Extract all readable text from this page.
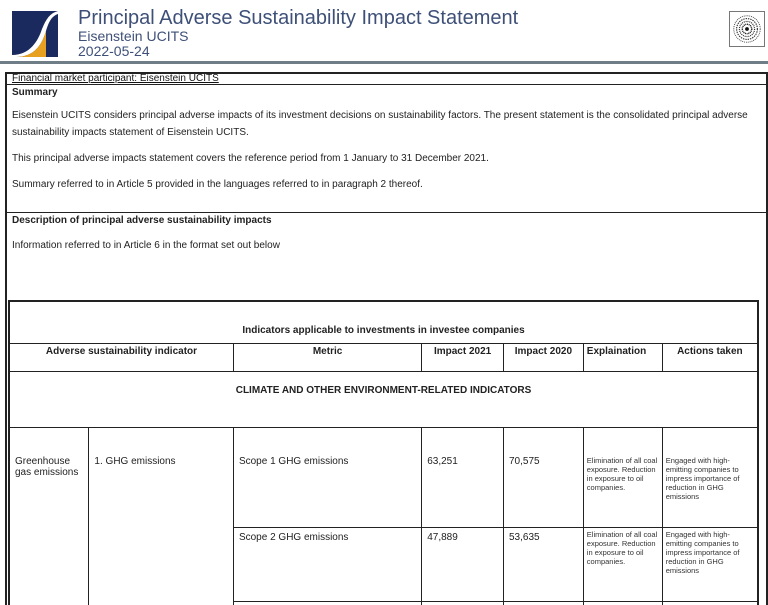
Principal Adverse Sustainability Impact Statement
Eisenstein UCITS
2022-05-24
Financial market participant: Eisenstein UCITS
Summary

Eisenstein UCITS considers principal adverse impacts of its investment decisions on sustainability factors. The present statement is the consolidated principal adverse sustainability impacts statement of Eisenstein UCITS.

This principal adverse impacts statement covers the reference period from 1 January to 31 December 2021.

Summary referred to in Article 5 provided in the languages referred to in paragraph 2 thereof.

Description of principal adverse sustainability impacts

Information referred to in Article 6 in the format set out below

Indicators applicable to investments in investee companies						
Adverse sustainability indicator		Metric	Impact 2021	Impact 2020	Explaination	Actions taken
CLIMATE AND OTHER ENVIRONMENT-RELATED INDICATORS						
Greenhouse gas emissions	1. GHG emissions	Scope 1 GHG emissions	63,251	70,575	Elimination of all coal exposure. Reduction in exposure to oil companies.	Engaged with high-emitting companies to impress importance of reduction in GHG emissions
		Scope 2 GHG emissions	47,889	53,635	Elimination of all coal exposure. Reduction in exposure to oil companies.	Engaged with high-emitting companies to impress importance of reduction in GHG emissions
